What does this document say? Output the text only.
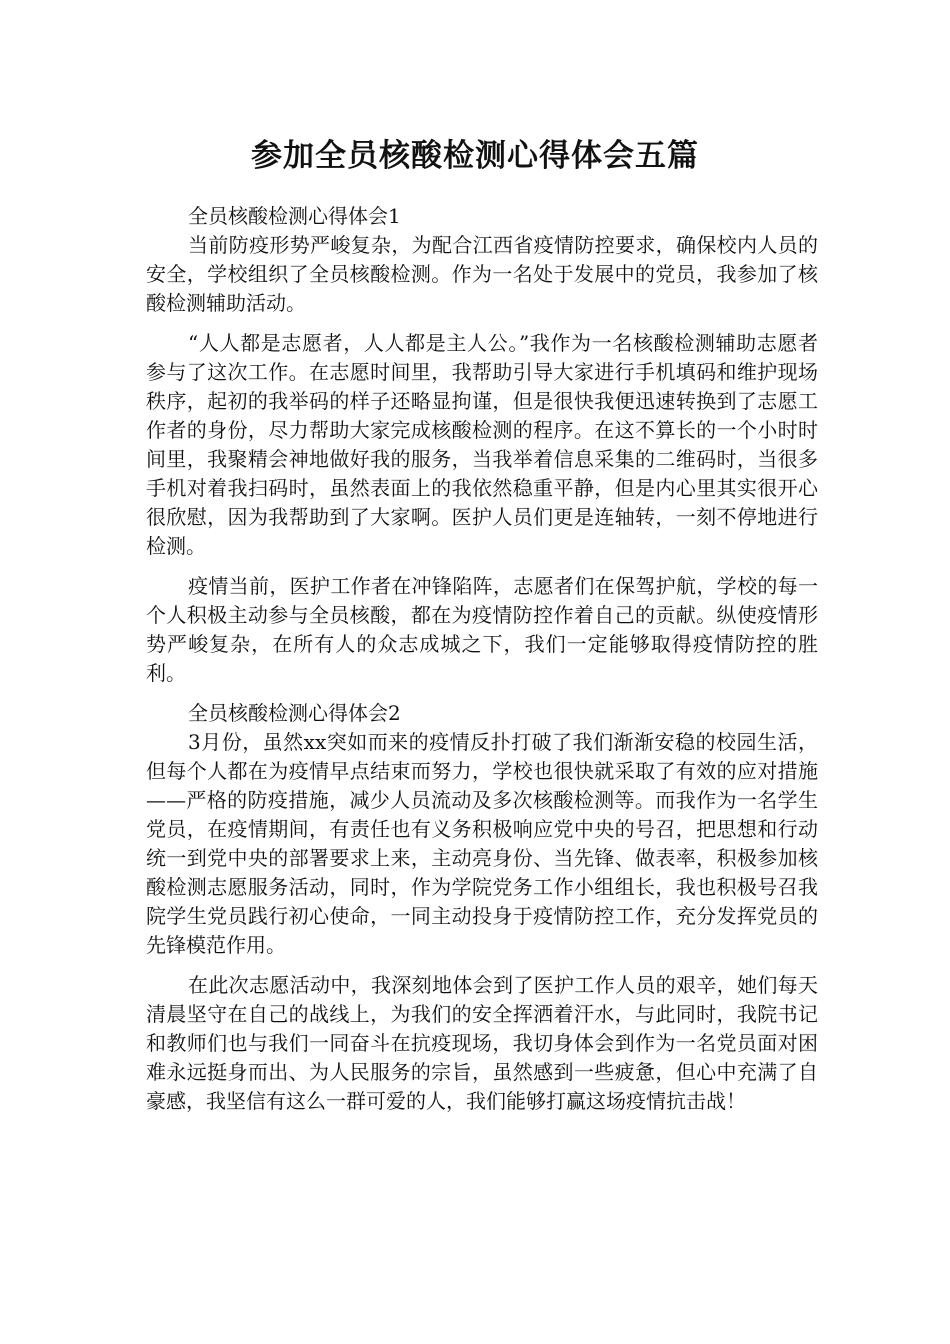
参加全员核酸检测心得体会五篇

全员核酸检测心得体会1

当前防疫形势严峻复杂，为配合江西省疫情防控要求，确保校内人员的安全，学校组织了全员核酸检测。作为一名处于发展中的党员，我参加了核酸检测辅助活动。

“人人都是志愿者，人人都是主人公。”我作为一名核酸检测辅助志愿者参与了这次工作。在志愿时间里，我帮助引导大家进行手机填码和维护现场秩序，起初的我举码的样子还略显拘谨，但是很快我便迅速转换到了志愿工作者的身份，尽力帮助大家完成核酸检测的程序。在这不算长的一个小时时间里，我聚精会神地做好我的服务，当我举着信息采集的二维码时，当很多手机对着我扫码时，虽然表面上的我依然稳重平静，但是内心里其实很开心很欣慰，因为我帮助到了大家啊。医护人员们更是连轴转，一刻不停地进行检测。

疫情当前，医护工作者在冲锋陷阵，志愿者们在保驾护航，学校的每一个人积极主动参与全员核酸，都在为疫情防控作着自己的贡献。纵使疫情形势严峻复杂，在所有人的众志成城之下，我们一定能够取得疫情防控的胜利。

全员核酸检测心得体会2

3月份，虽然xx突如而来的疫情反扑打破了我们渐渐安稳的校园生活，但每个人都在为疫情早点结束而努力，学校也很快就采取了有效的应对措施——严格的防疫措施，减少人员流动及多次核酸检测等。而我作为一名学生党员，在疫情期间，有责任也有义务积极响应党中央的号召，把思想和行动统一到党中央的部署要求上来，主动亮身份、当先锋、做表率，积极参加核酸检测志愿服务活动，同时，作为学院党务工作小组组长，我也积极号召我院学生党员践行初心使命，一同主动投身于疫情防控工作，充分发挥党员的先锋模范作用。

在此次志愿活动中，我深刻地体会到了医护工作人员的艰辛，她们每天清晨坚守在自己的战线上，为我们的安全挥洒着汗水，与此同时，我院书记和教师们也与我们一同奋斗在抗疫现场，我切身体会到作为一名党员面对困难永远挺身而出、为人民服务的宗旨，虽然感到一些疲惫，但心中充满了自豪感，我坚信有这么一群可爱的人，我们能够打赢这场疫情抗击战！
